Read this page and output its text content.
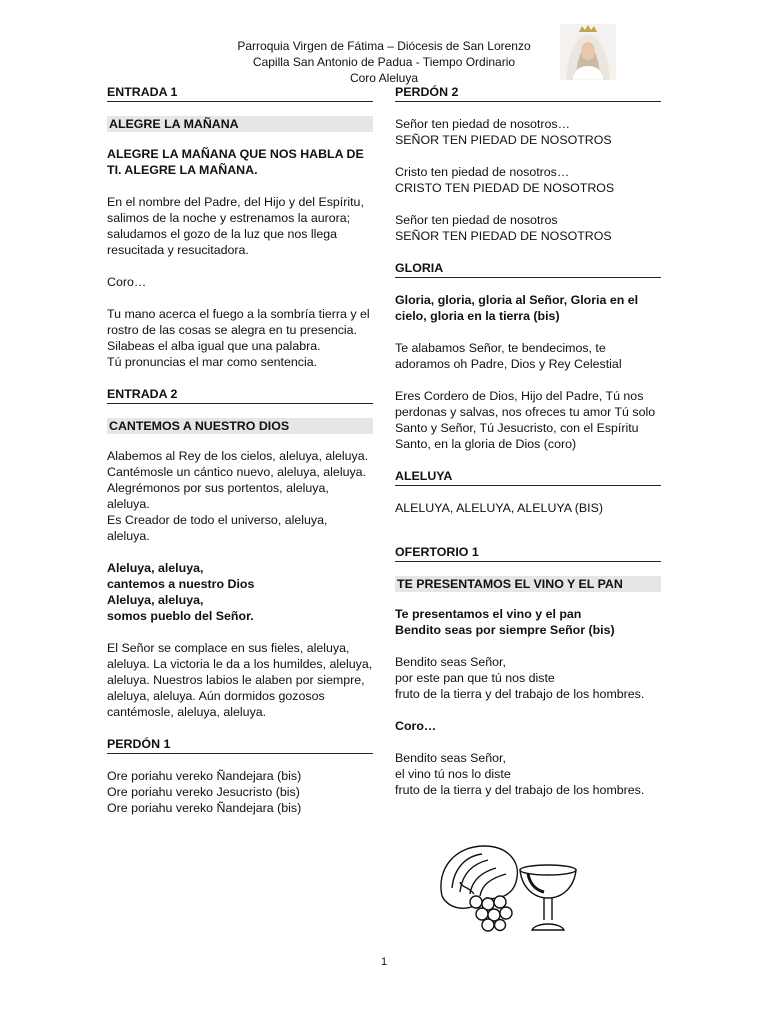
Parroquia Virgen de Fátima – Diócesis de San Lorenzo
Capilla San Antonio de Padua - Tiempo Ordinario
Coro Aleluya
ENTRADA 1
ALEGRE LA MAÑANA
ALEGRE LA MAÑANA QUE NOS HABLA DE TI. ALEGRE LA MAÑANA.
En el nombre del Padre, del Hijo y del Espíritu, salimos de la noche y estrenamos la aurora; saludamos el gozo de la luz que nos llega resucitada y resucitadora.
Coro…
Tu mano acerca el fuego a la sombría tierra y el rostro de las cosas se alegra en tu presencia.
Silabeas el alba igual que una palabra.
Tú pronuncias el mar como sentencia.
ENTRADA 2
CANTEMOS A NUESTRO DIOS
Alabemos al Rey de los cielos, aleluya, aleluya.
Cantémosle un cántico nuevo, aleluya, aleluya.
Alegrémonos por sus portentos, aleluya, aleluya.
Es Creador de todo el universo, aleluya, aleluya.
Aleluya, aleluya,
cantemos a nuestro Dios
Aleluya, aleluya,
somos pueblo del Señor.
El Señor se complace en sus fieles, aleluya, aleluya. La victoria le da a los humildes, aleluya, aleluya. Nuestros labios le alaben por siempre, aleluya, aleluya. Aún dormidos gozosos cantémosle, aleluya, aleluya.
PERDÓN 1
Ore poriahu vereko Ñandejara (bis)
Ore poriahu vereko Jesucristo (bis)
Ore poriahu vereko Ñandejara (bis)
PERDÓN 2
Señor ten piedad de nosotros…
SEÑOR TEN PIEDAD DE NOSOTROS
Cristo ten piedad de nosotros…
CRISTO TEN PIEDAD DE NOSOTROS
Señor ten piedad de nosotros
SEÑOR TEN PIEDAD DE NOSOTROS
GLORIA
Gloria, gloria, gloria al Señor, Gloria en el cielo, gloria en la tierra (bis)
Te alabamos Señor, te bendecimos, te adoramos oh Padre, Dios y Rey Celestial
Eres Cordero de Dios, Hijo del Padre, Tú nos perdonas y salvas, nos ofreces tu amor Tú solo Santo y Señor, Tú Jesucristo, con el Espíritu Santo, en la gloria de Dios (coro)
ALELUYA
ALELUYA, ALELUYA, ALELUYA (BIS)
OFERTORIO 1
TE PRESENTAMOS EL VINO Y EL PAN
Te presentamos el vino y el pan
Bendito seas por siempre Señor (bis)
Bendito seas Señor,
por este pan que tú nos diste
fruto de la tierra y del trabajo de los hombres.
Coro…
Bendito seas Señor,
el vino tú nos lo diste
fruto de la tierra y del trabajo de los hombres.
1
